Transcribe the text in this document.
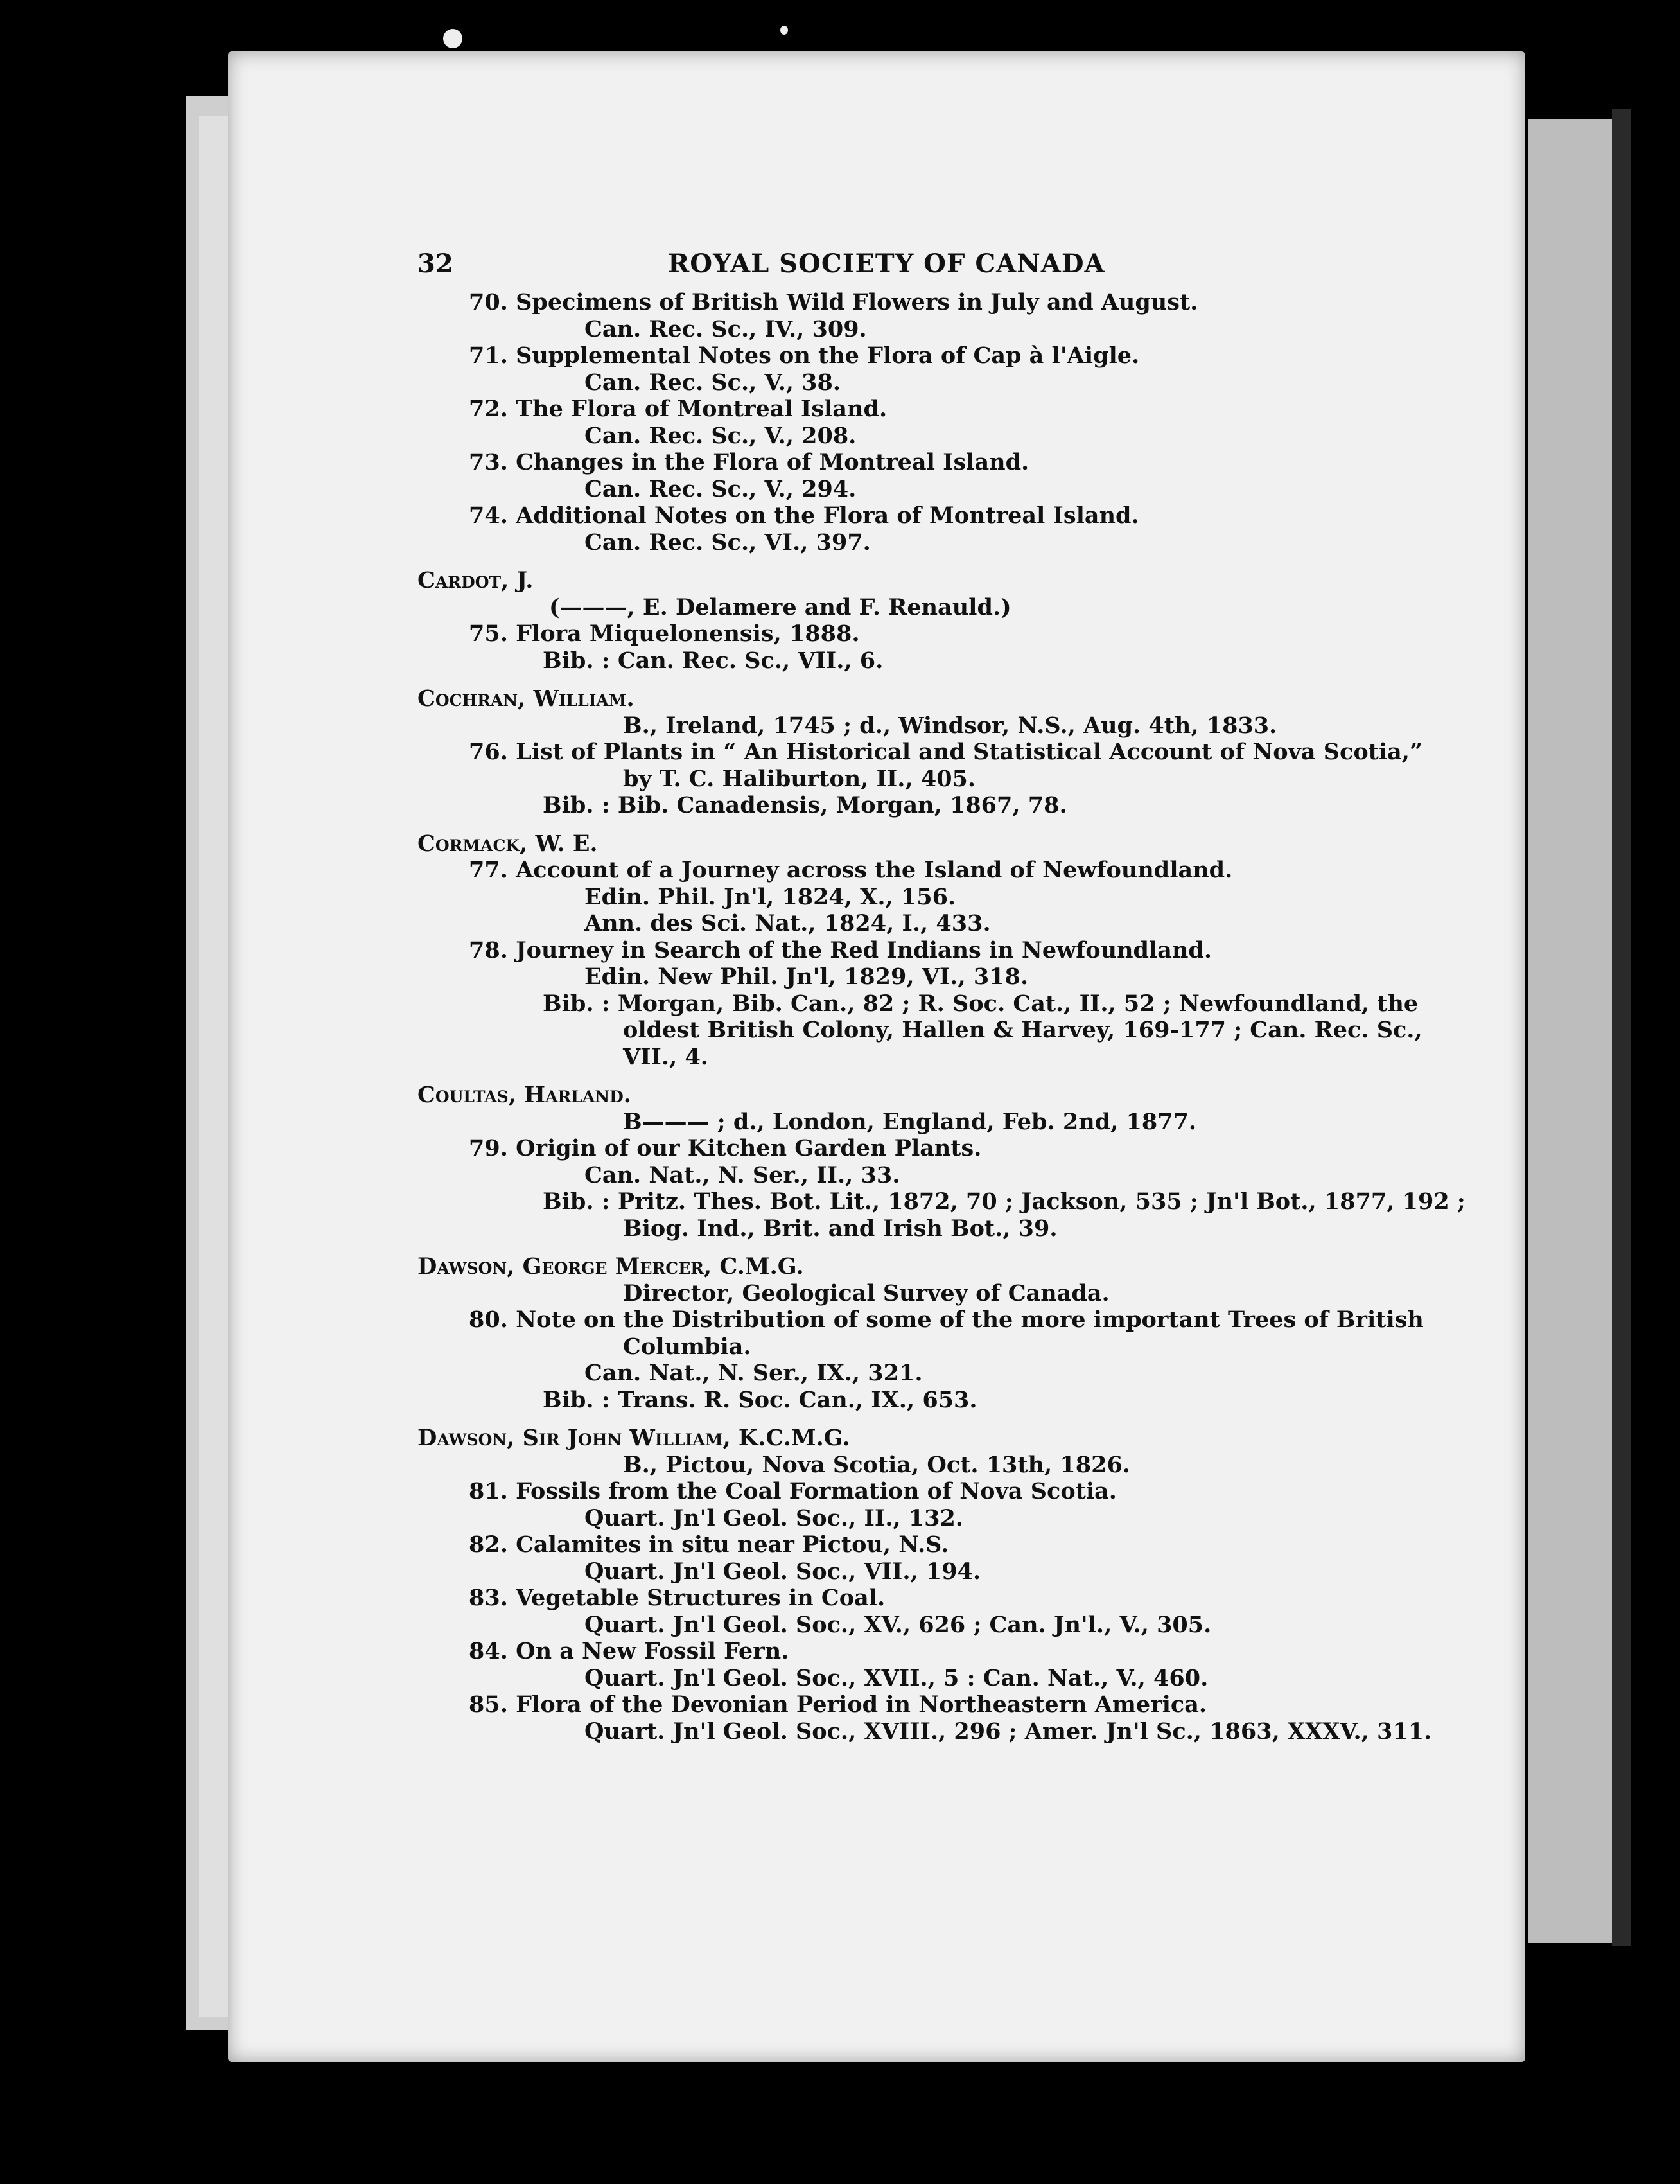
32	ROYAL SOCIETY OF CANADA
70. Specimens of British Wild Flowers in July and August.
Can. Rec. Sc., IV., 309.
71. Supplemental Notes on the Flora of Cap à l'Aigle.
Can. Rec. Sc., V., 38.
72. The Flora of Montreal Island.
Can. Rec. Sc., V., 208.
73. Changes in the Flora of Montreal Island.
Can. Rec. Sc., V., 294.
74. Additional Notes on the Flora of Montreal Island.
Can. Rec. Sc., VI., 397.
Cardot, J.
(———, E. Delamere and F. Renauld.)
75. Flora Miquelonensis, 1888.
Bib. : Can. Rec. Sc., VII., 6.
Cochran, William.
B., Ireland, 1745 ; d., Windsor, N.S., Aug. 4th, 1833.
76. List of Plants in “ An Historical and Statistical Account of Nova Scotia,”
by T. C. Haliburton, II., 405.
Bib. : Bib. Canadensis, Morgan, 1867, 78.
Cormack, W. E.
77. Account of a Journey across the Island of Newfoundland.
Edin. Phil. Jn'l, 1824, X., 156.
Ann. des Sci. Nat., 1824, I., 433.
78. Journey in Search of the Red Indians in Newfoundland.
Edin. New Phil. Jn'l, 1829, VI., 318.
Bib. : Morgan, Bib. Can., 82 ; R. Soc. Cat., II., 52 ; Newfoundland, the
oldest British Colony, Hallen & Harvey, 169-177 ; Can. Rec. Sc.,
VII., 4.
Coultas, Harland.
B——— ; d., London, England, Feb. 2nd, 1877.
79. Origin of our Kitchen Garden Plants.
Can. Nat., N. Ser., II., 33.
Bib. : Pritz. Thes. Bot. Lit., 1872, 70 ; Jackson, 535 ; Jn'l Bot., 1877, 192 ;
Biog. Ind., Brit. and Irish Bot., 39.
Dawson, George Mercer, C.M.G.
Director, Geological Survey of Canada.
80. Note on the Distribution of some of the more important Trees of British
Columbia.
Can. Nat., N. Ser., IX., 321.
Bib. : Trans. R. Soc. Can., IX., 653.
Dawson, Sir John William, K.C.M.G.
B., Pictou, Nova Scotia, Oct. 13th, 1826.
81. Fossils from the Coal Formation of Nova Scotia.
Quart. Jn'l Geol. Soc., II., 132.
82. Calamites in situ near Pictou, N.S.
Quart. Jn'l Geol. Soc., VII., 194.
83. Vegetable Structures in Coal.
Quart. Jn'l Geol. Soc., XV., 626 ; Can. Jn'l., V., 305.
84. On a New Fossil Fern.
Quart. Jn'l Geol. Soc., XVII., 5 : Can. Nat., V., 460.
85. Flora of the Devonian Period in Northeastern America.
Quart. Jn'l Geol. Soc., XVIII., 296 ; Amer. Jn'l Sc., 1863, XXXV., 311.
